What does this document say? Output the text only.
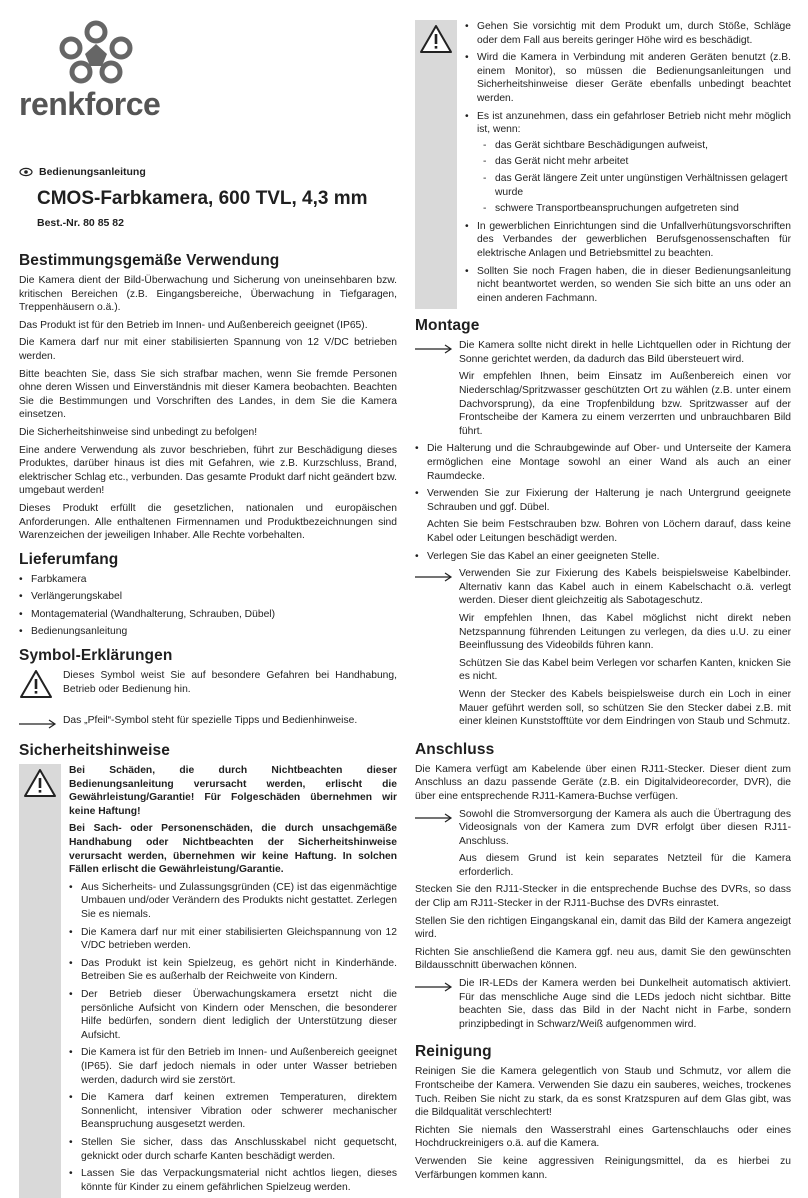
renkforce
Bedienungsanleitung
CMOS-Farbkamera, 600 TVL, 4,3 mm
Best.-Nr. 80 85 82
Bestimmungsgemäße Verwendung

Die Kamera dient der Bild-Überwachung und Sicherung von uneinsehbaren bzw. kritischen Bereichen (z.B. Eingangsbereiche, Überwachung in Tiefgaragen, Treppenhäusern o.ä.).

Das Produkt ist für den Betrieb im Innen- und Außenbereich geeignet (IP65).

Die Kamera darf nur mit einer stabilisierten Spannung von 12 V/DC betrieben werden.

Bitte beachten Sie, dass Sie sich strafbar machen, wenn Sie fremde Personen ohne deren Wissen und Einverständnis mit dieser Kamera beobachten. Beachten Sie die Bestimmungen und Vorschriften des Landes, in dem Sie die Kamera einsetzen.

Die Sicherheitshinweise sind unbedingt zu befolgen!

Eine andere Verwendung als zuvor beschrieben, führt zur Beschädigung dieses Produktes, darüber hinaus ist dies mit Gefahren, wie z.B. Kurzschluss, Brand, elektrischer Schlag etc., verbunden. Das gesamte Produkt darf nicht geändert bzw. umgebaut werden!

Dieses Produkt erfüllt die gesetzlichen, nationalen und europäischen Anforderungen. Alle enthaltenen Firmennamen und Produktbezeichnungen sind Warenzeichen der jeweiligen Inhaber. Alle Rechte vorbehalten.

Lieferumfang
• Farbkamera
• Verlängerungskabel
• Montagematerial (Wandhalterung, Schrauben, Dübel)
• Bedienungsanleitung
Symbol-Erklärungen

Dieses Symbol weist Sie auf besondere Gefahren bei Handhabung, Betrieb oder Bedienung hin.

Das „Pfeil“-Symbol steht für spezielle Tipps und Bedienhinweise.

Sicherheitshinweise

Bei Schäden, die durch Nichtbeachten dieser Bedienungsanleitung verursacht werden, erlischt die Gewährleistung/Garantie! Für Folgeschäden übernehmen wir keine Haftung!

Bei Sach- oder Personenschäden, die durch unsachgemäße Handhabung oder Nichtbeachten der Sicherheitshinweise verursacht werden, übernehmen wir keine Haftung. In solchen Fällen erlischt die Gewährleistung/Garantie.

• Aus Sicherheits- und Zulassungsgründen (CE) ist das eigenmächtige Umbauen und/oder Verändern des Produkts nicht gestattet. Zerlegen Sie es niemals.
• Die Kamera darf nur mit einer stabilisierten Gleichspannung von 12 V/DC betrieben werden.
• Das Produkt ist kein Spielzeug, es gehört nicht in Kinderhände. Betreiben Sie es außerhalb der Reichweite von Kindern.
• Der Betrieb dieser Überwachungskamera ersetzt nicht die persönliche Aufsicht von Kindern oder Menschen, die besonderer Hilfe bedürfen, sondern dient lediglich der Unterstützung dieser Aufsicht.
• Die Kamera ist für den Betrieb im Innen- und Außenbereich geeignet (IP65). Sie darf jedoch niemals in oder unter Wasser betrieben werden, dadurch wird sie zerstört.
• Die Kamera darf keinen extremen Temperaturen, direktem Sonnenlicht, intensiver Vibration oder schwerer mechanischer Beanspruchung ausgesetzt werden.
• Stellen Sie sicher, dass das Anschlusskabel nicht gequetscht, geknickt oder durch scharfe Kanten beschädigt werden.
• Lassen Sie das Verpackungsmaterial nicht achtlos liegen, dieses könnte für Kinder zu einem gefährlichen Spielzeug werden.
• Gehen Sie vorsichtig mit dem Produkt um, durch Stöße, Schläge oder dem Fall aus bereits geringer Höhe wird es beschädigt.
• Wird die Kamera in Verbindung mit anderen Geräten benutzt (z.B. einem Monitor), so müssen die Bedienungsanleitungen und Sicherheitshinweise dieser Geräte ebenfalls unbedingt beachtet werden.
• Es ist anzunehmen, dass ein gefahrloser Betrieb nicht mehr möglich ist, wenn:
- das Gerät sichtbare Beschädigungen aufweist,
- das Gerät nicht mehr arbeitet
- das Gerät längere Zeit unter ungünstigen Verhältnissen gelagert wurde
- schwere Transportbeanspruchungen aufgetreten sind
• In gewerblichen Einrichtungen sind die Unfallverhütungsvorschriften des Verbandes der gewerblichen Berufsgenossenschaften für elektrische Anlagen und Betriebsmittel zu beachten.
• Sollten Sie noch Fragen haben, die in dieser Bedienungsanleitung nicht beantwortet werden, so wenden Sie sich bitte an uns oder an einen anderen Fachmann.
Montage

Die Kamera sollte nicht direkt in helle Lichtquellen oder in Richtung der Sonne gerichtet werden, da dadurch das Bild übersteuert wird.

Wir empfehlen Ihnen, beim Einsatz im Außenbereich einen vor Niederschlag/Spritzwasser geschützten Ort zu wählen (z.B. unter einem Dachvorsprung), da eine Tropfenbildung bzw. Spritzwasser auf der Frontscheibe der Kamera zu einem verzerrten und unbrauchbaren Bild führt.

• Die Halterung und die Schraubgewinde auf Ober- und Unterseite der Kamera ermöglichen eine Montage sowohl an einer Wand als auch an einer Raumdecke.
• Verwenden Sie zur Fixierung der Halterung je nach Untergrund geeignete Schrauben und ggf. Dübel.

Achten Sie beim Festschrauben bzw. Bohren von Löchern darauf, dass keine Kabel oder Leitungen beschädigt werden.

• Verlegen Sie das Kabel an einer geeigneten Stelle.

Verwenden Sie zur Fixierung des Kabels beispielsweise Kabelbinder. Alternativ kann das Kabel auch in einem Kabelschacht o.ä. verlegt werden. Dieser dient gleichzeitig als Sabotageschutz.

Wir empfehlen Ihnen, das Kabel möglichst nicht direkt neben Netzspannung führenden Leitungen zu verlegen, da dies u.U. zu einer Beeinflussung des Videobilds führen kann.

Schützen Sie das Kabel beim Verlegen vor scharfen Kanten, knicken Sie es nicht.

Wenn der Stecker des Kabels beispielsweise durch ein Loch in einer Mauer geführt werden soll, so schützen Sie den Stecker dabei z.B. mit einer kleinen Kunststofftüte vor dem Eindringen von Staub und Schmutz.

Anschluss

Die Kamera verfügt am Kabelende über einen RJ11-Stecker. Dieser dient zum Anschluss an dazu passende Geräte (z.B. ein Digitalvideorecorder, DVR), die über eine entsprechende RJ11-Kamera-Buchse verfügen.

Sowohl die Stromversorgung der Kamera als auch die Übertragung des Videosignals von der Kamera zum DVR erfolgt über diesen RJ11-Anschluss.

Aus diesem Grund ist kein separates Netzteil für die Kamera erforderlich.

Stecken Sie den RJ11-Stecker in die entsprechende Buchse des DVRs, so dass der Clip am RJ11-Stecker in der RJ11-Buchse des DVRs einrastet.

Stellen Sie den richtigen Eingangskanal ein, damit das Bild der Kamera angezeigt wird.

Richten Sie anschließend die Kamera ggf. neu aus, damit Sie den gewünschten Bildausschnitt überwachen können.

Die IR-LEDs der Kamera werden bei Dunkelheit automatisch aktiviert. Für das menschliche Auge sind die LEDs jedoch nicht sichtbar. Bitte beachten Sie, dass das Bild in der Nacht nicht in Farbe, sondern prinzipbedingt in Schwarz/Weiß aufgenommen wird.

Reinigung

Reinigen Sie die Kamera gelegentlich von Staub und Schmutz, vor allem die Frontscheibe der Kamera. Verwenden Sie dazu ein sauberes, weiches, trockenes Tuch. Reiben Sie nicht zu stark, da es sonst Kratzspuren auf dem Glas gibt, was die Bildqualität verschlechtert!

Richten Sie niemals den Wasserstrahl eines Gartenschlauchs oder eines Hochdruckreinigers o.ä. auf die Kamera.

Verwenden Sie keine aggressiven Reinigungsmittel, da es hierbei zu Verfärbungen kommen kann.
